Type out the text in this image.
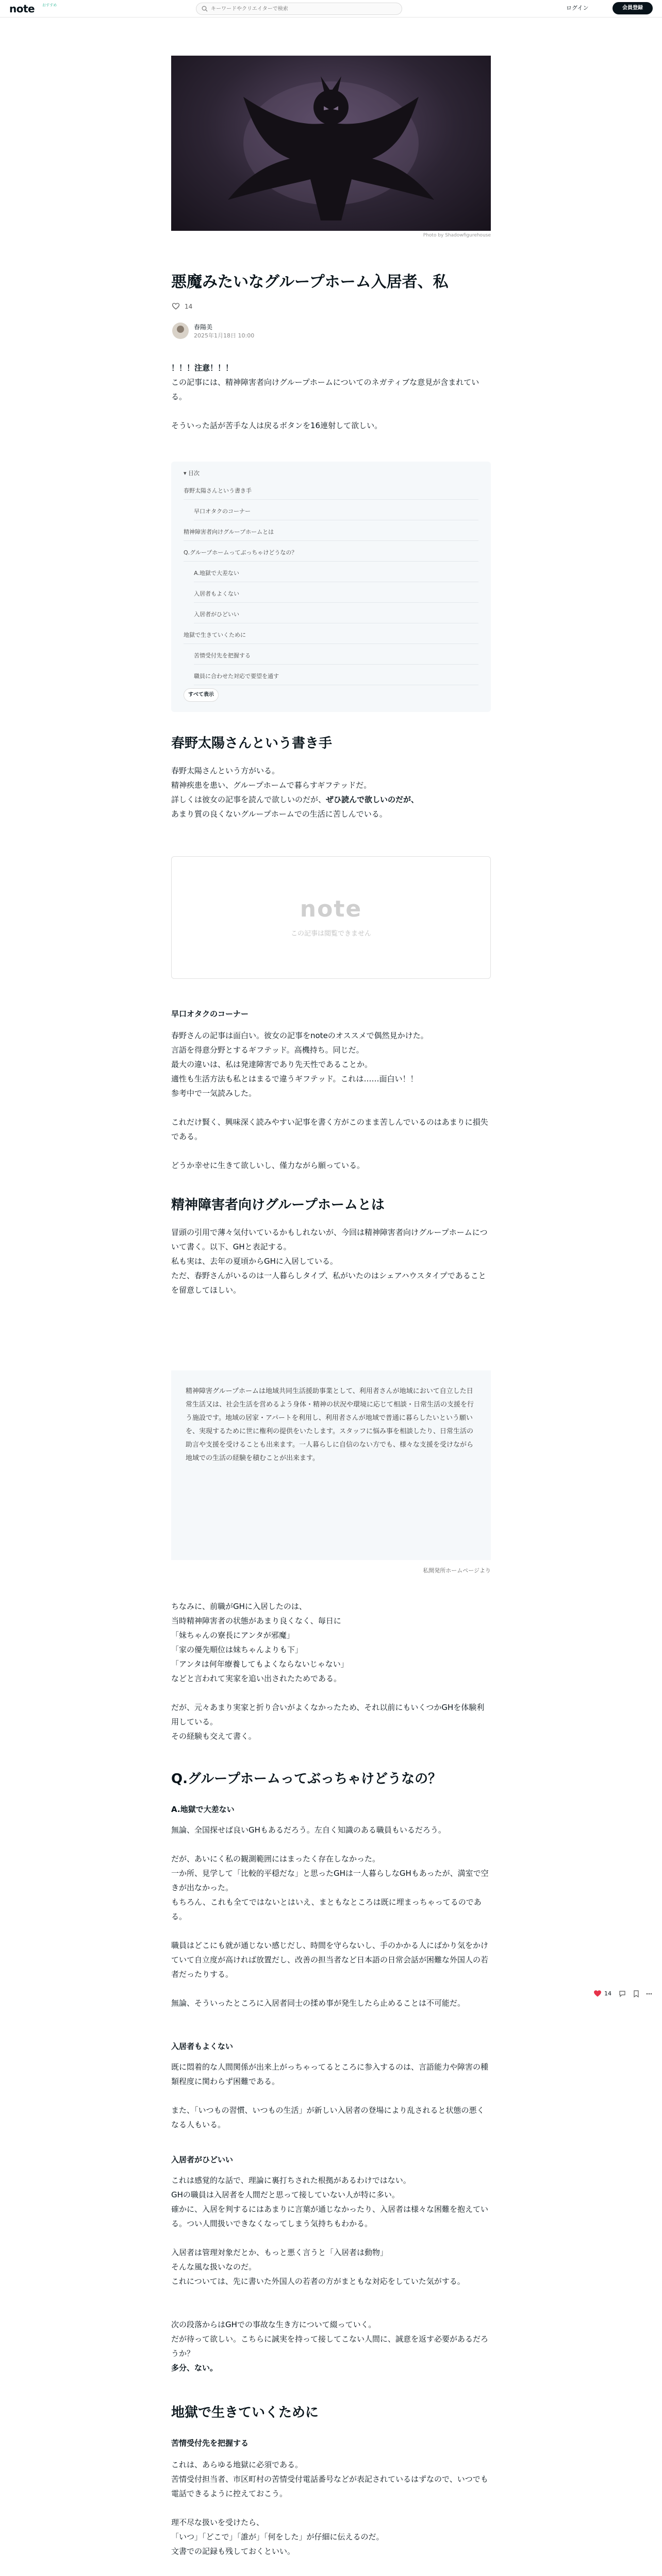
note おすすめ
キーワードやクリエイターで検索	ログイン	会員登録
Photo by Shadowfigurehouse
悪魔みたいなグループホーム入居者、私
14
春陽美
2025年1月18日 10:00
！！！注意！！！
この記事には、精神障害者向けグループホームについてのネガティブな意見が含まれている。
そういった話が苦手な人は戻るボタンを16連射して欲しい。
▾ 目次
春野太陽さんという書き手
早口オタクのコーナー
精神障害者向けグループホームとは
Q.グループホームってぶっちゃけどうなの？
A.地獄で大差ない
入居者もよくない
入居者がひどいい
地獄で生きていくために
苦情受付先を把握する
職員に合わせた対応で要望を通す
すべて表示
春野太陽さんという書き手
春野太陽さんという方がいる。
精神疾患を患い、グループホームで暮らすギフテッドだ。
詳しくは彼女の記事を読んで欲しいのだが、ぜひ読んで欲しいのだが、
あまり質の良くないグループホームでの生活に苦しんでいる。
note
この記事は閲覧できません
早口オタクのコーナー
春野さんの記事は面白い。彼女の記事をnoteのオススメで偶然見かけた。
言語を得意分野とするギフテッド。高機持ち。同じだ。
最大の違いは、私は発達障害であり先天性であることか。
適性も生活方法も私とはまるで違うギフテッド。これは……面白い！！
参考中で一気読みした。
これだけ賢く、興味深く読みやすい記事を書く方がこのまま苦しんでいるのはあまりに損失である。
どうか幸せに生きて欲しいし、僅力ながら願っている。
精神障害者向けグループホームとは
冒頭の引用で薄々気付いているかもしれないが、今回は精神障害者向けグループホームについて書く。以下、GHと表記する。
私も実は、去年の夏頃からGHに入居している。
ただ、春野さんがいるのは一人暮らしタイプ、私がいたのはシェアハウスタイプであることを留意してほしい。
精神障害グループホームは地域共同生活援助事業として、利用者さんが地域において自立した日常生活又は、社会生活を営めるよう身体・精神の状況や環境に応じて相談・日常生活の支援を行う施設です。地域の居家・アパートを利用し、利用者さんが地域で普通に暮らしたいという願いを、実現するために世に権利の提供をいたします。スタッフに悩み事を相談したり、日常生活の助言や支援を受けることも出来ます。一人暮らしに自信のない方でも、様々な支援を受けながら地域での生活の経験を積むことが出来ます。
私開発所ホームページより
ちなみに、前職がGHに入居したのは、
当時精神障害者の状態があまり良くなく、毎日に
「妹ちゃんの寮長にアンタが邪魔」
「家の優先順位は妹ちゃんよりも下」
「アンタは何年療養してもよくならないじゃない」
などと言われて実家を追い出されたためである。
だが、元々あまり実家と折り合いがよくなかったため、それ以前にもいくつかGHを体験利用している。
その経験も交えて書く。
Q.グループホームってぶっちゃけどうなの？
A.地獄で大差ない
無論、全国探せば良いGHもあるだろう。左自く知識のある職員もいるだろう。
だが、あいにく私の観測範囲にはまったく存在しなかった。
一か所、見学して「比較的平穏だな」と思ったGHは一人暮らしなGHもあったが、満室で空きが出なかった。
もちろん、これも全てではないとはいえ、まともなところは既に埋まっちゃってるのである。
職員はどこにも就が通じない感じだし、時間を守らないし、手のかかる人にばかり気をかけていて自立度が高ければ放置だし、改善の担当者など日本語の日常会話が困難な外国人の若者だったりする。
無論、そういったところに入居者同士の揉め事が発生したら止めることは不可能だ。
入居者もよくない
既に悶着的な人間関係が出来上がっちゃってるところに参入するのは、言語能力や障害の種類程度に関わらず困難である。
また、「いつもの習慣、いつもの生活」が新しい入居者の登場により乱されると状態の悪くなる人もいる。
入居者がひどいい
これは感覚的な話で、理論に裏打ちされた根拠があるわけではない。
GHの職員は入居者を人間だと思って接していない人が特に多い。
確かに、入居を判するにはあまりに言葉が通じなかったり、入居者は様々な困難を抱えている。つい人間扱いできなくなってしまう気持ちもわかる。
入居者は管理対象だとか、もっと悪く言うと「入居者は動物」
そんな風な扱いなのだ。
これについては、先に書いた外国人の若者の方がまともな対応をしていた気がする。
次の段落からはGHでの事故な生き方について綴っていく。
だが待って欲しい。こちらに誠実を持って接してこない人間に、誠意を返す必要があるだろうか？
多分、ない。
地獄で生きていくために
苦情受付先を把握する
これは、あらゆる地獄に必須である。
苦情受付担当者、市区町村の苦情受付電話番号などが表記されているはずなので、いつでも電話できるように控えておこう。
理不尽な扱いを受けたら、
「いつ」「どこで」「誰が」「何をした」が仔細に伝えるのだ。
文書での記録も残しておくといい。
14
